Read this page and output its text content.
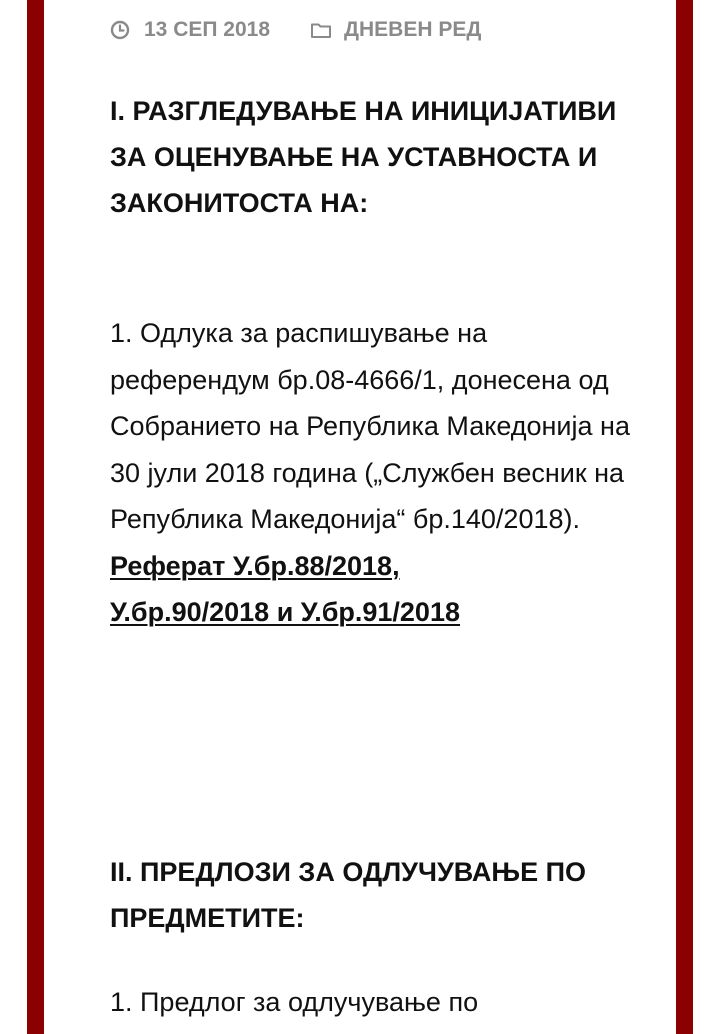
13 СЕП 2018	ДНЕВЕН РЕД
I. РАЗГЛЕДУВАЊЕ НА ИНИЦИЈАТИВИ ЗА ОЦЕНУВАЊЕ НА УСТАВНОСТА И ЗАКОНИТОСТА НА:
1. Одлука за распишување на референдум бр.08-4666/1, донесена од Собранието на Република Македонија на 30 јули 2018 година („Службен весник на Република Македонија“ бр.140/2018).
Реферат У.бр.88/2018,
У.бр.90/2018 и У.бр.91/2018
II. ПРЕДЛОЗИ ЗА ОДЛУЧУВАЊЕ ПО ПРЕДМЕТИТЕ:
1. Предлог за одлучување по
